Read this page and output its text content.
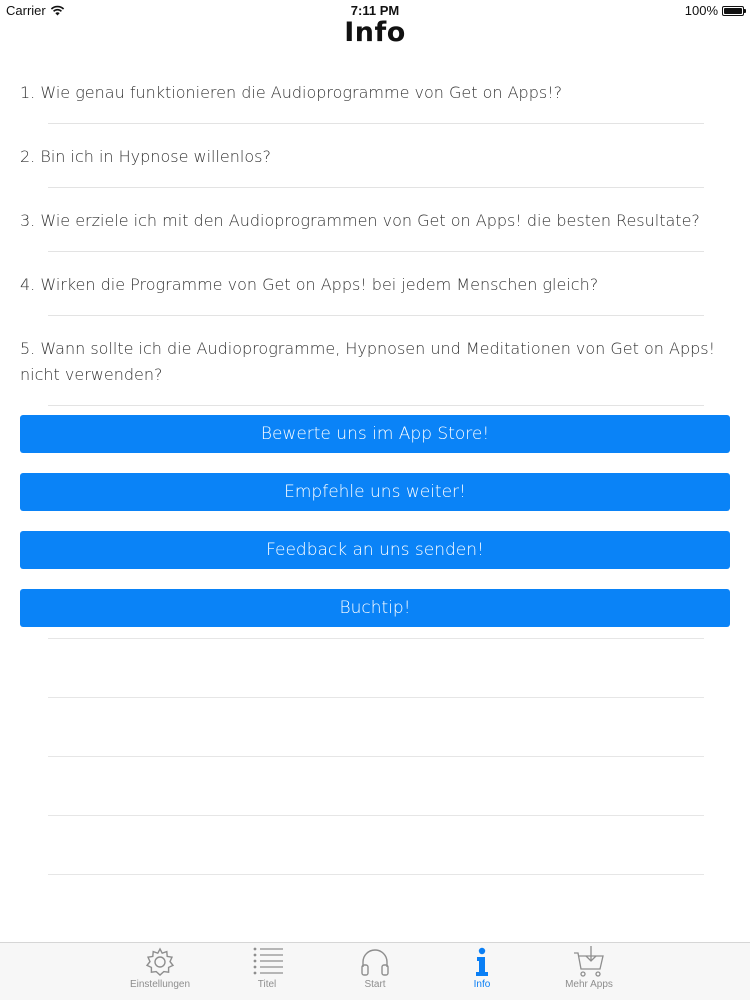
Carrier	7:11 PM	100%
Info
1. Wie genau funktionieren die Audioprogramme von Get on Apps!?
2. Bin ich in Hypnose willenlos?
3. Wie erziele ich mit den Audioprogrammen von Get on Apps! die besten Resultate?
4. Wirken die Programme von Get on Apps! bei jedem Menschen gleich?
5. Wann sollte ich die Audioprogramme, Hypnosen und Meditationen von Get on Apps! nicht verwenden?
Bewerte uns im App Store!
Empfehle uns weiter!
Feedback an uns senden!
Buchtip!
Einstellungen	Titel	Start	Info	Mehr Apps
